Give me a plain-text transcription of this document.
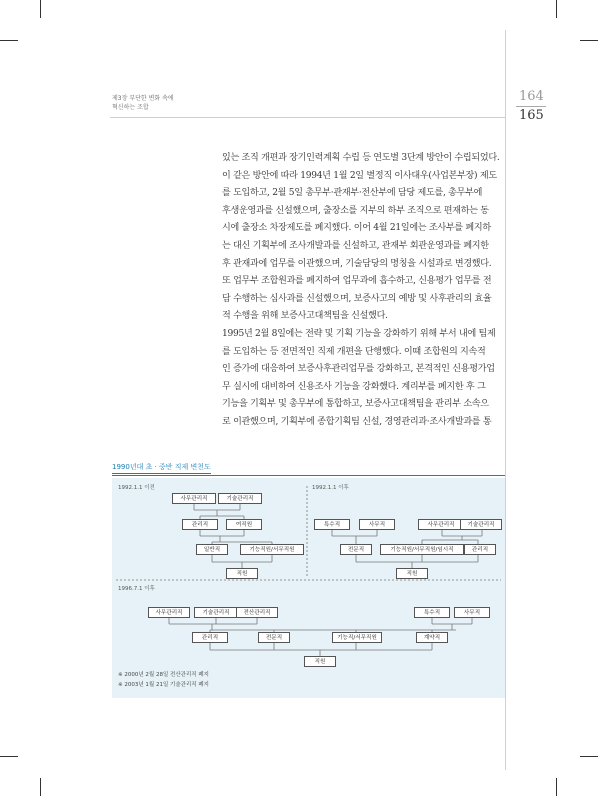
제3장 부단한 변화 속에
혁신하는 조합
164
165

있는 조직 개편과 장기인력계획 수립 등 연도별 3단계 방안이 수립되었다.

이 같은 방안에 따라 1994년 1월 2일 별정직 이사대우(사업본부장) 제도

를 도입하고, 2월 5일 총무부·관재부·전산부에 담당 제도를, 총무부에

후생운영과를 신설했으며, 출장소를 지부의 하부 조직으로 편재하는 동

시에 출장소 차장제도를 폐지했다. 이어 4월 21일에는 조사부를 폐지하

는 대신 기획부에 조사개발과를 신설하고, 관재부 회관운영과를 폐지한

후 관재과에 업무를 이관했으며, 기술담당의 명칭을 시설과로 변경했다.

또 업무부 조합원과를 폐지하여 업무과에 흡수하고, 신용평가 업무를 전

담 수행하는 심사과를 신설했으며, 보증사고의 예방 및 사후관리의 효율

적 수행을 위해 보증사고대책팀을 신설했다.

1995년 2월 8일에는 전략 및 기획 기능을 강화하기 위해 부서 내에 팀제

를 도입하는 등 전면적인 직제 개편을 단행했다. 이때 조합원의 지속적

인 증가에 대응하여 보증사후관리업무를 강화하고, 본격적인 신용평가업

무 실시에 대비하여 신용조사 기능을 강화했다. 계리부를 폐지한 후 그

기능을 기획부 및 총무부에 통합하고, 보증사고대책팀을 관리부 소속으

로 이관했으며, 기획부에 종합기획팀 신설, 경영관리과·조사개발과를 통

1990년대 초 · 중반 직제 변천도
1992.1.1 이전	1992.1.1 이후
1996.7.1 이후
사무관리직	기술관리직
관리직	여직원
일반직	기능직원/서무직원
직원
특수직	사무직	사무관리직	기술관리직
전문직	기능직원/서무직원/임시직	관리직
직원
사무관리직	기술관리직	전산관리직	특수직	사무직
관리직	전문직	기능직/서무직원	계약직
직원
※ 2000년 2월 28일 전산관리직 폐지
※ 2003년 1월 21일 기술관리직 폐지
